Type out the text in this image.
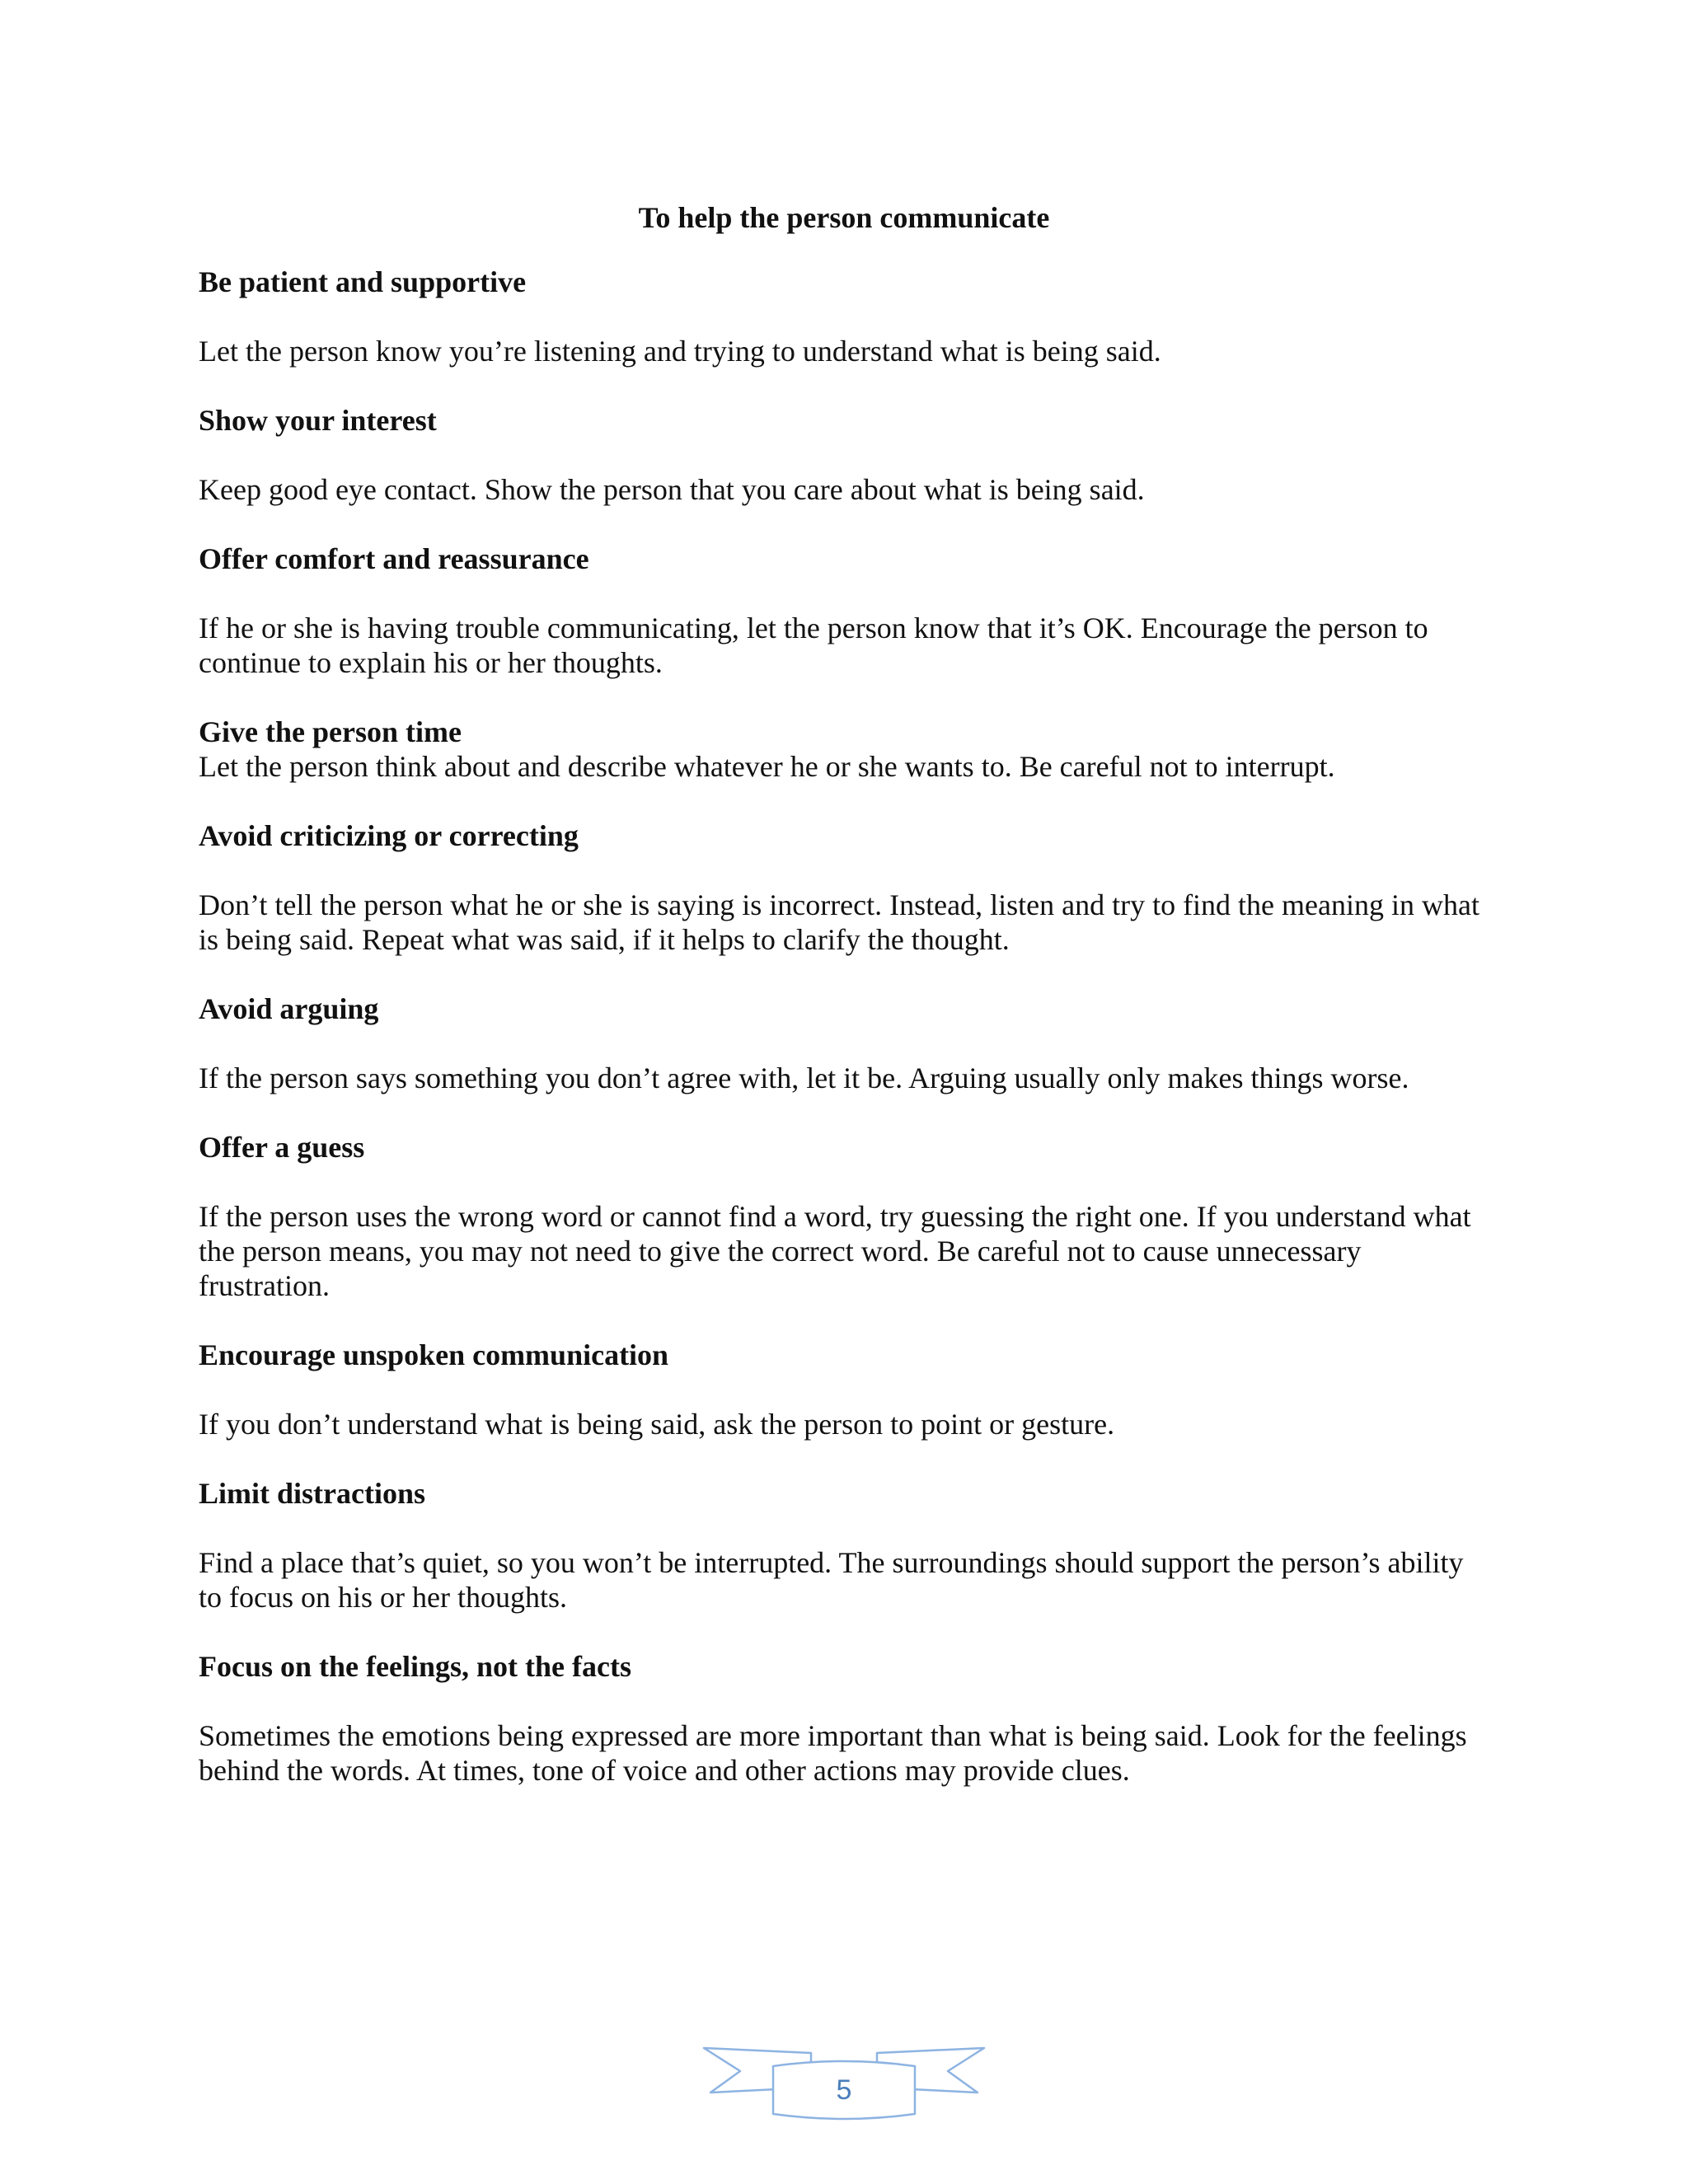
To help the person communicate

Be patient and supportive

Let the person know you’re listening and trying to understand what is being said.

Show your interest

Keep good eye contact. Show the person that you care about what is being said.

Offer comfort and reassurance

If he or she is having trouble communicating, let the person know that it’s OK. Encourage the person to continue to explain his or her thoughts.

Give the person time

Let the person think about and describe whatever he or she wants to. Be careful not to interrupt.

Avoid criticizing or correcting

Don’t tell the person what he or she is saying is incorrect. Instead, listen and try to find the meaning in what is being said. Repeat what was said, if it helps to clarify the thought.

Avoid arguing

If the person says something you don’t agree with, let it be. Arguing usually only makes things worse.

Offer a guess

If the person uses the wrong word or cannot find a word, try guessing the right one. If you understand what the person means, you may not need to give the correct word. Be careful not to cause unnecessary frustration.

Encourage unspoken communication

If you don’t understand what is being said, ask the person to point or gesture.

Limit distractions

Find a place that’s quiet, so you won’t be interrupted. The surroundings should support the person’s ability to focus on his or her thoughts.

Focus on the feelings, not the facts

Sometimes the emotions being expressed are more important than what is being said. Look for the feelings behind the words. At times, tone of voice and other actions may provide clues.

5
